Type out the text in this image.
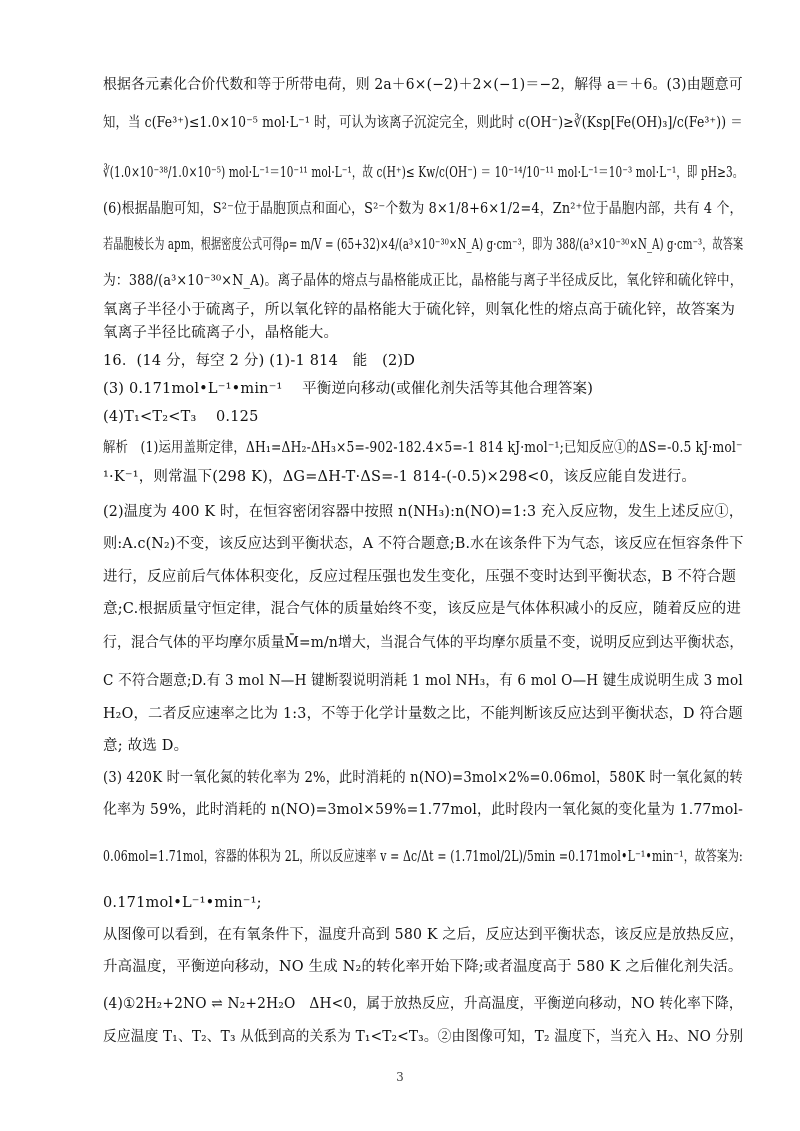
根据各元素化合价代数和等于所带电荷，则 2a＋6×(−2)＋2×(−1)＝−2，解得 a＝＋6。(3)由题意可
知，当 c(Fe³⁺)≤1.0×10⁻⁵ mol·L⁻¹ 时，可认为该离子沉淀完全，则此时 c(OH⁻)≥∛(Ksp[Fe(OH)₃]/c(Fe³⁺)) ＝
∛(1.0×10⁻³⁸/1.0×10⁻⁵) mol·L⁻¹＝10⁻¹¹ mol·L⁻¹，故 c(H⁺)≤ Kw/c(OH⁻) ＝ 10⁻¹⁴/10⁻¹¹ mol·L⁻¹＝10⁻³ mol·L⁻¹，即 pH≥3。
(6)根据晶胞可知，S²⁻位于晶胞顶点和面心，S²⁻个数为 8×1/8+6×1/2=4，Zn²⁺位于晶胞内部，共有 4 个，
若晶胞棱长为 apm，根据密度公式可得ρ= m/V = (65+32)×4/(a³×10⁻³⁰×N_A) g·cm⁻³，即为 388/(a³×10⁻³⁰×N_A) g·cm⁻³，故答案
为：388/(a³×10⁻³⁰×N_A)。离子晶体的熔点与晶格能成正比，晶格能与离子半径成反比，氧化锌和硫化锌中，
氧离子半径小于硫离子，所以氧化锌的晶格能大于硫化锌，则氧化性的熔点高于硫化锌，故答案为
氧离子半径比硫离子小，晶格能大。
16．(14 分，每空 2 分) (1)-1 814　能　(2)D
(3) 0.171mol•L⁻¹•min⁻¹　 平衡逆向移动(或催化剂失活等其他合理答案)
(4)T₁<T₂<T₃　 0.125
解析　(1)运用盖斯定律，ΔH₁=ΔH₂-ΔH₃×5=-902-182.4×5=-1 814 kJ·mol⁻¹;已知反应①的ΔS=-0.5 kJ·mol⁻
¹·K⁻¹，则常温下(298 K)，ΔG=ΔH-T·ΔS=-1 814-(-0.5)×298<0，该反应能自发进行。
(2)温度为 400 K 时，在恒容密闭容器中按照 n(NH₃):n(NO)=1:3 充入反应物，发生上述反应①，
则:A.c(N₂)不变，该反应达到平衡状态，A 不符合题意;B.水在该条件下为气态，该反应在恒容条件下
进行，反应前后气体体积变化，反应过程压强也发生变化，压强不变时达到平衡状态，B 不符合题
意;C.根据质量守恒定律，混合气体的质量始终不变，该反应是气体体积减小的反应，随着反应的进
行，混合气体的平均摩尔质量M̄=m/n增大，当混合气体的平均摩尔质量不变，说明反应到达平衡状态，
C 不符合题意;D.有 3 mol N—H 键断裂说明消耗 1 mol NH₃，有 6 mol O—H 键生成说明生成 3 mol
H₂O，二者反应速率之比为 1:3，不等于化学计量数之比，不能判断该反应达到平衡状态，D 符合题
意; 故选 D。
(3) 420K 时一氧化氮的转化率为 2%，此时消耗的 n(NO)=3mol×2%=0.06mol，580K 时一氧化氮的转
化率为 59%，此时消耗的 n(NO)=3mol×59%=1.77mol，此时段内一氧化氮的变化量为 1.77mol-
0.06mol=1.71mol，容器的体积为 2L，所以反应速率 v = Δc/Δt = (1.71mol/2L)/5min =0.171mol•L⁻¹•min⁻¹，故答案为:
0.171mol•L⁻¹•min⁻¹;
从图像可以看到，在有氧条件下，温度升高到 580 K 之后，反应达到平衡状态，该反应是放热反应，
升高温度，平衡逆向移动，NO 生成 N₂的转化率开始下降;或者温度高于 580 K 之后催化剂失活。
(4)①2H₂+2NO ⇌ N₂+2H₂O　ΔH<0，属于放热反应，升高温度，平衡逆向移动，NO 转化率下降，
反应温度 T₁、T₂、T₃ 从低到高的关系为 T₁<T₂<T₃。②由图像可知，T₂ 温度下，当充入 H₂、NO 分别
3
